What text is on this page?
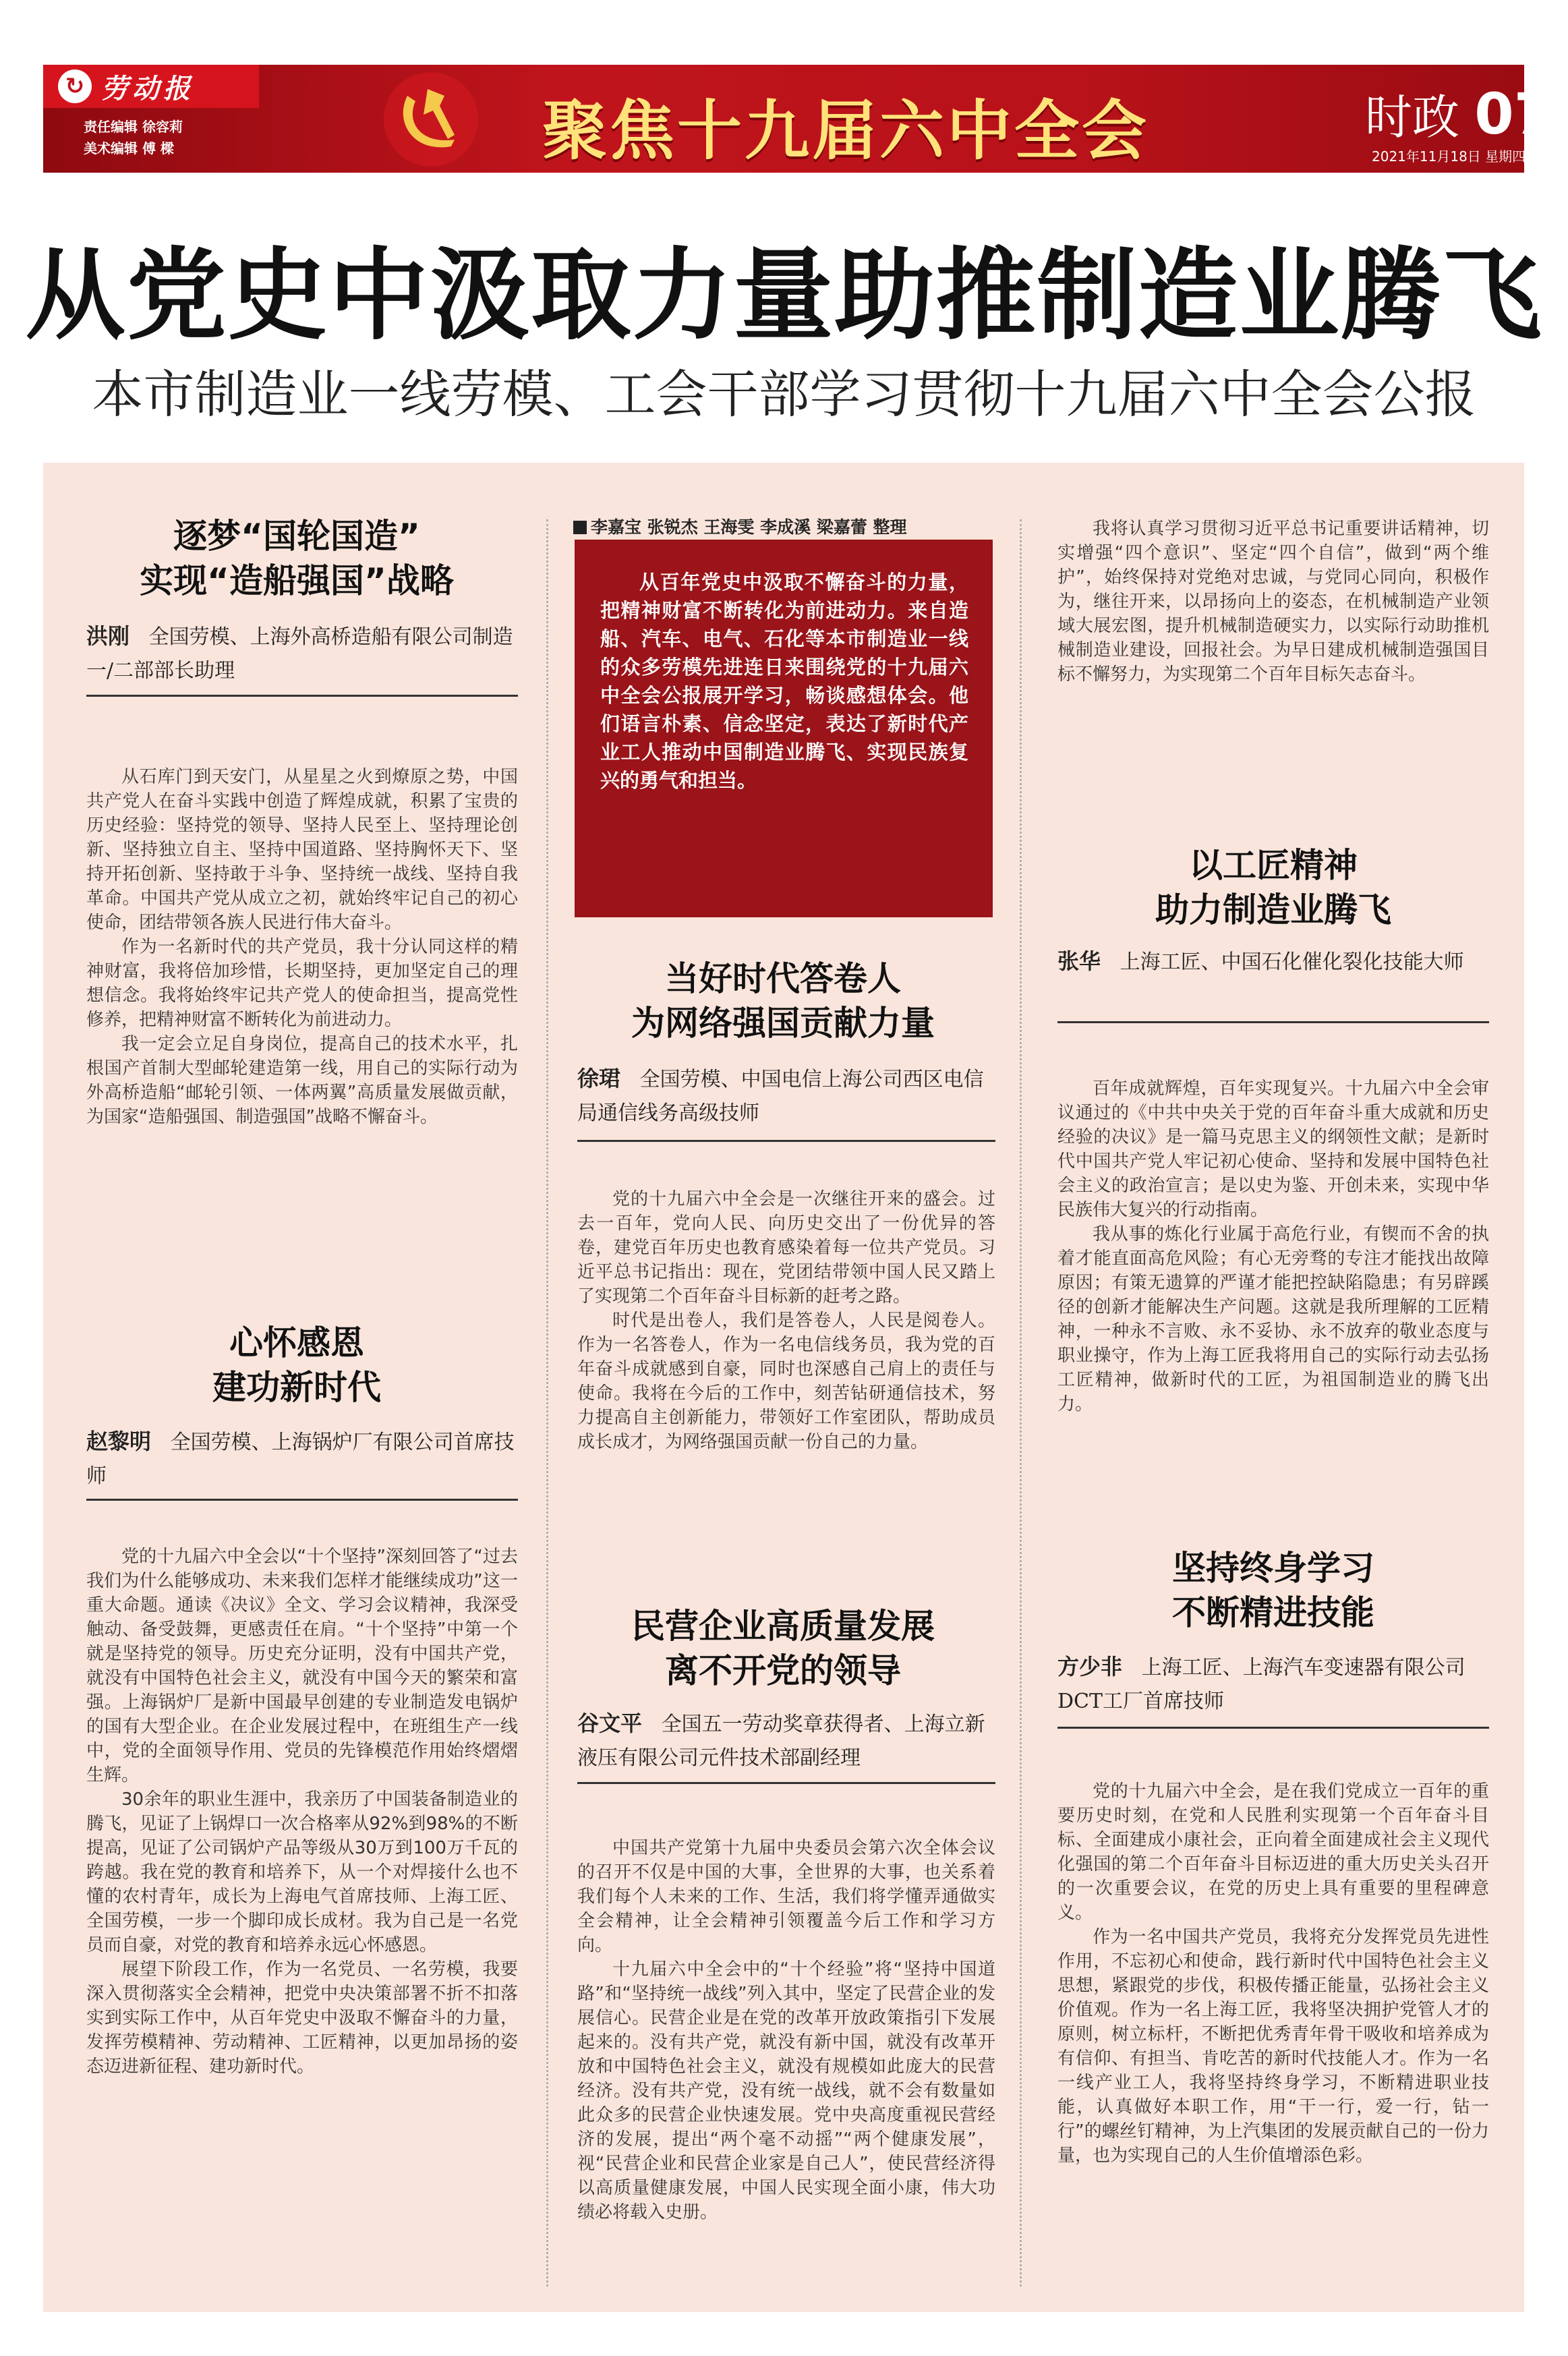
↻ 劳动报
责任编辑 徐容莉
美术编辑 傅 樑	聚焦十九届六中全会	时政 07
2021年11月18日 星期四
从党史中汲取力量助推制造业腾飞
本市制造业一线劳模、工会干部学习贯彻十九届六中全会公报
逐梦“国轮国造”
实现“造船强国”战略
洪刚 全国劳模、上海外高桥造船有限公司制造一/二部部长助理

从石库门到天安门，从星星之火到燎原之势，中国共产党人在奋斗实践中创造了辉煌成就，积累了宝贵的历史经验：坚持党的领导、坚持人民至上、坚持理论创新、坚持独立自主、坚持中国道路、坚持胸怀天下、坚持开拓创新、坚持敢于斗争、坚持统一战线、坚持自我革命。中国共产党从成立之初，就始终牢记自己的初心使命，团结带领各族人民进行伟大奋斗。

作为一名新时代的共产党员，我十分认同这样的精神财富，我将倍加珍惜，长期坚持，更加坚定自己的理想信念。我将始终牢记共产党人的使命担当，提高党性修养，把精神财富不断转化为前进动力。

我一定会立足自身岗位，提高自己的技术水平，扎根国产首制大型邮轮建造第一线，用自己的实际行动为外高桥造船“邮轮引领、一体两翼”高质量发展做贡献，为国家“造船强国、制造强国”战略不懈奋斗。

心怀感恩
建功新时代
赵黎明 全国劳模、上海锅炉厂有限公司首席技师

党的十九届六中全会以“十个坚持”深刻回答了“过去我们为什么能够成功、未来我们怎样才能继续成功”这一重大命题。通读《决议》全文、学习会议精神，我深受触动、备受鼓舞，更感责任在肩。“十个坚持”中第一个就是坚持党的领导。历史充分证明，没有中国共产党，就没有中国特色社会主义，就没有中国今天的繁荣和富强。上海锅炉厂是新中国最早创建的专业制造发电锅炉的国有大型企业。在企业发展过程中，在班组生产一线中，党的全面领导作用、党员的先锋模范作用始终熠熠生辉。

30余年的职业生涯中，我亲历了中国装备制造业的腾飞，见证了上锅焊口一次合格率从92%到98%的不断提高，见证了公司锅炉产品等级从30万到100万千瓦的跨越。我在党的教育和培养下，从一个对焊接什么也不懂的农村青年，成长为上海电气首席技师、上海工匠、全国劳模，一步一个脚印成长成材。我为自己是一名党员而自豪，对党的教育和培养永远心怀感恩。

展望下阶段工作，作为一名党员、一名劳模，我要深入贯彻落实全会精神，把党中央决策部署不折不扣落实到实际工作中，从百年党史中汲取不懈奋斗的力量，发挥劳模精神、劳动精神、工匠精神，以更加昂扬的姿态迈进新征程、建功新时代。

李嘉宝 张锐杰 王海雯 李成溪 梁嘉蕾 整理

从百年党史中汲取不懈奋斗的力量，把精神财富不断转化为前进动力。来自造船、汽车、电气、石化等本市制造业一线的众多劳模先进连日来围绕党的十九届六中全会公报展开学习，畅谈感想体会。他们语言朴素、信念坚定，表达了新时代产业工人推动中国制造业腾飞、实现民族复兴的勇气和担当。

当好时代答卷人
为网络强国贡献力量
徐珺 全国劳模、中国电信上海公司西区电信局通信线务高级技师

党的十九届六中全会是一次继往开来的盛会。过去一百年，党向人民、向历史交出了一份优异的答卷，建党百年历史也教育感染着每一位共产党员。习近平总书记指出：现在，党团结带领中国人民又踏上了实现第二个百年奋斗目标新的赶考之路。

时代是出卷人，我们是答卷人，人民是阅卷人。作为一名答卷人，作为一名电信线务员，我为党的百年奋斗成就感到自豪，同时也深感自己肩上的责任与使命。我将在今后的工作中，刻苦钻研通信技术，努力提高自主创新能力，带领好工作室团队，帮助成员成长成才，为网络强国贡献一份自己的力量。

民营企业高质量发展
离不开党的领导
谷文平 全国五一劳动奖章获得者、上海立新液压有限公司元件技术部副经理

中国共产党第十九届中央委员会第六次全体会议的召开不仅是中国的大事，全世界的大事，也关系着我们每个人未来的工作、生活，我们将学懂弄通做实全会精神，让全会精神引领覆盖今后工作和学习方向。

十九届六中全会中的“十个经验”将“坚持中国道路”和“坚持统一战线”列入其中，坚定了民营企业的发展信心。民营企业是在党的改革开放政策指引下发展起来的。没有共产党，就没有新中国，就没有改革开放和中国特色社会主义，就没有规模如此庞大的民营经济。没有共产党，没有统一战线，就不会有数量如此众多的民营企业快速发展。党中央高度重视民营经济的发展，提出“两个毫不动摇”“两个健康发展”，视“民营企业和民营企业家是自己人”，使民营经济得以高质量健康发展，中国人民实现全面小康，伟大功绩必将载入史册。

我将认真学习贯彻习近平总书记重要讲话精神，切实增强“四个意识”、坚定“四个自信”，做到“两个维护”，始终保持对党绝对忠诚，与党同心同向，积极作为，继往开来，以昂扬向上的姿态，在机械制造产业领域大展宏图，提升机械制造硬实力，以实际行动助推机械制造业建设，回报社会。为早日建成机械制造强国目标不懈努力，为实现第二个百年目标矢志奋斗。

以工匠精神
助力制造业腾飞
张华 上海工匠、中国石化催化裂化技能大师

百年成就辉煌，百年实现复兴。十九届六中全会审议通过的《中共中央关于党的百年奋斗重大成就和历史经验的决议》是一篇马克思主义的纲领性文献；是新时代中国共产党人牢记初心使命、坚持和发展中国特色社会主义的政治宣言；是以史为鉴、开创未来，实现中华民族伟大复兴的行动指南。

我从事的炼化行业属于高危行业，有锲而不舍的执着才能直面高危风险；有心无旁骛的专注才能找出故障原因；有策无遗算的严谨才能把控缺陷隐患；有另辟蹊径的创新才能解决生产问题。这就是我所理解的工匠精神，一种永不言败、永不妥协、永不放弃的敬业态度与职业操守，作为上海工匠我将用自己的实际行动去弘扬工匠精神，做新时代的工匠，为祖国制造业的腾飞出力。

坚持终身学习
不断精进技能
方少非 上海工匠、上海汽车变速器有限公司DCT工厂首席技师

党的十九届六中全会，是在我们党成立一百年的重要历史时刻，在党和人民胜利实现第一个百年奋斗目标、全面建成小康社会，正向着全面建成社会主义现代化强国的第二个百年奋斗目标迈进的重大历史关头召开的一次重要会议，在党的历史上具有重要的里程碑意义。

作为一名中国共产党员，我将充分发挥党员先进性作用，不忘初心和使命，践行新时代中国特色社会主义思想，紧跟党的步伐，积极传播正能量，弘扬社会主义价值观。作为一名上海工匠，我将坚决拥护党管人才的原则，树立标杆，不断把优秀青年骨干吸收和培养成为有信仰、有担当、肯吃苦的新时代技能人才。作为一名一线产业工人，我将坚持终身学习，不断精进职业技能，认真做好本职工作，用“干一行，爱一行，钻一行”的螺丝钉精神，为上汽集团的发展贡献自己的一份力量，也为实现自己的人生价值增添色彩。
